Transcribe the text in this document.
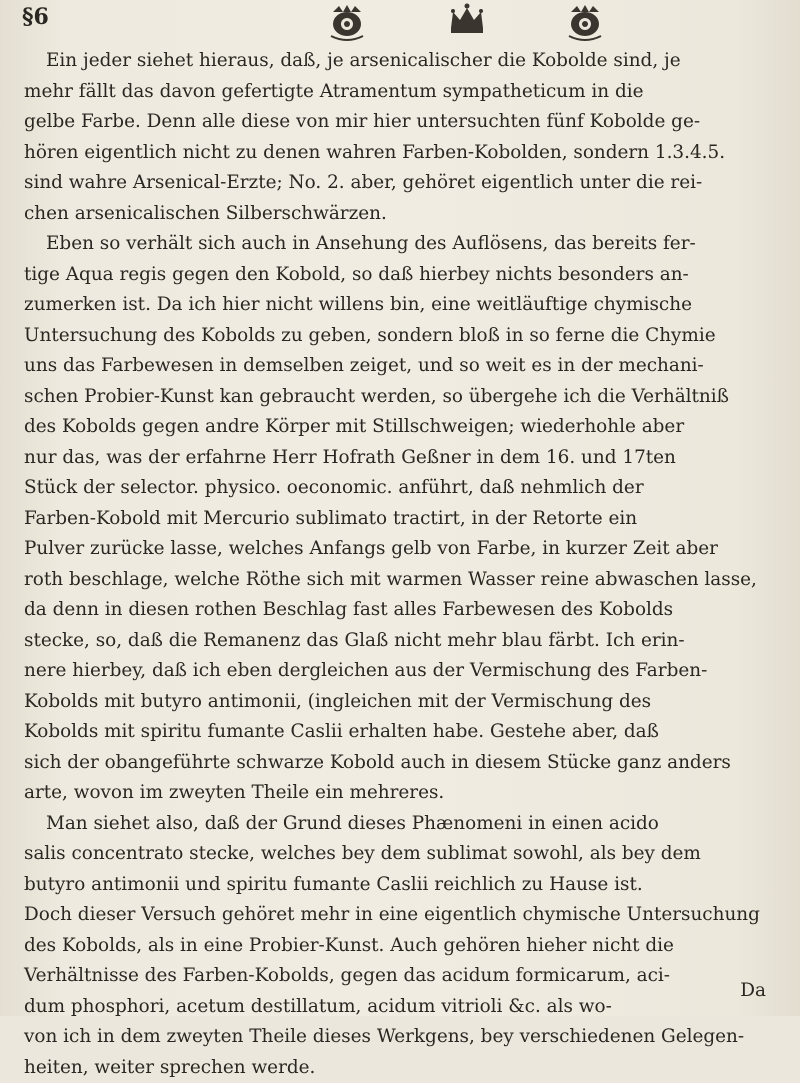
§6
Ein jeder siehet hieraus, daß, je arsenicalischer die Kobolde sind, je
mehr fällt das davon gefertigte Atramentum sympatheticum in die
gelbe Farbe. Denn alle diese von mir hier untersuchten fünf Kobolde ge-
hören eigentlich nicht zu denen wahren Farben-Kobolden, sondern 1.3.4.5.
sind wahre Arsenical-Erzte; No. 2. aber, gehöret eigentlich unter die rei-
chen arsenicalischen Silberschwärzen.
Eben so verhält sich auch in Ansehung des Auflösens, das bereits fer-
tige Aqua regis gegen den Kobold, so daß hierbey nichts besonders an-
zumerken ist. Da ich hier nicht willens bin, eine weitläuftige chymische
Untersuchung des Kobolds zu geben, sondern bloß in so ferne die Chymie
uns das Farbewesen in demselben zeiget, und so weit es in der mechani-
schen Probier-Kunst kan gebraucht werden, so übergehe ich die Verhältniß
des Kobolds gegen andre Körper mit Stillschweigen; wiederhohle aber
nur das, was der erfahrne Herr Hofrath Geßner in dem 16. und 17ten
Stück der selector. physico. oeconomic. anführt, daß nehmlich der
Farben-Kobold mit Mercurio sublimato tractirt, in der Retorte ein
Pulver zurücke lasse, welches Anfangs gelb von Farbe, in kurzer Zeit aber
roth beschlage, welche Röthe sich mit warmen Wasser reine abwaschen lasse,
da denn in diesen rothen Beschlag fast alles Farbewesen des Kobolds
stecke, so, daß die Remanenz das Glaß nicht mehr blau färbt. Ich erin-
nere hierbey, daß ich eben dergleichen aus der Vermischung des Farben-
Kobolds mit butyro antimonii, (ingleichen mit der Vermischung des
Kobolds mit spiritu fumante Caslii erhalten habe. Gestehe aber, daß
sich der obangeführte schwarze Kobold auch in diesem Stücke ganz anders
arte, wovon im zweyten Theile ein mehreres.
Man siehet also, daß der Grund dieses Phænomeni in einen acido
salis concentrato stecke, welches bey dem sublimat sowohl, als bey dem
butyro antimonii und spiritu fumante Caslii reichlich zu Hause ist.
Doch dieser Versuch gehöret mehr in eine eigentlich chymische Untersuchung
des Kobolds, als in eine Probier-Kunst. Auch gehören hieher nicht die
Verhältnisse des Farben-Kobolds, gegen das acidum formicarum, aci-
dum phosphori, acetum destillatum, acidum vitrioli &c. als wo-
von ich in dem zweyten Theile dieses Werkgens, bey verschiedenen Gelegen-
heiten, weiter sprechen werde.
Da
